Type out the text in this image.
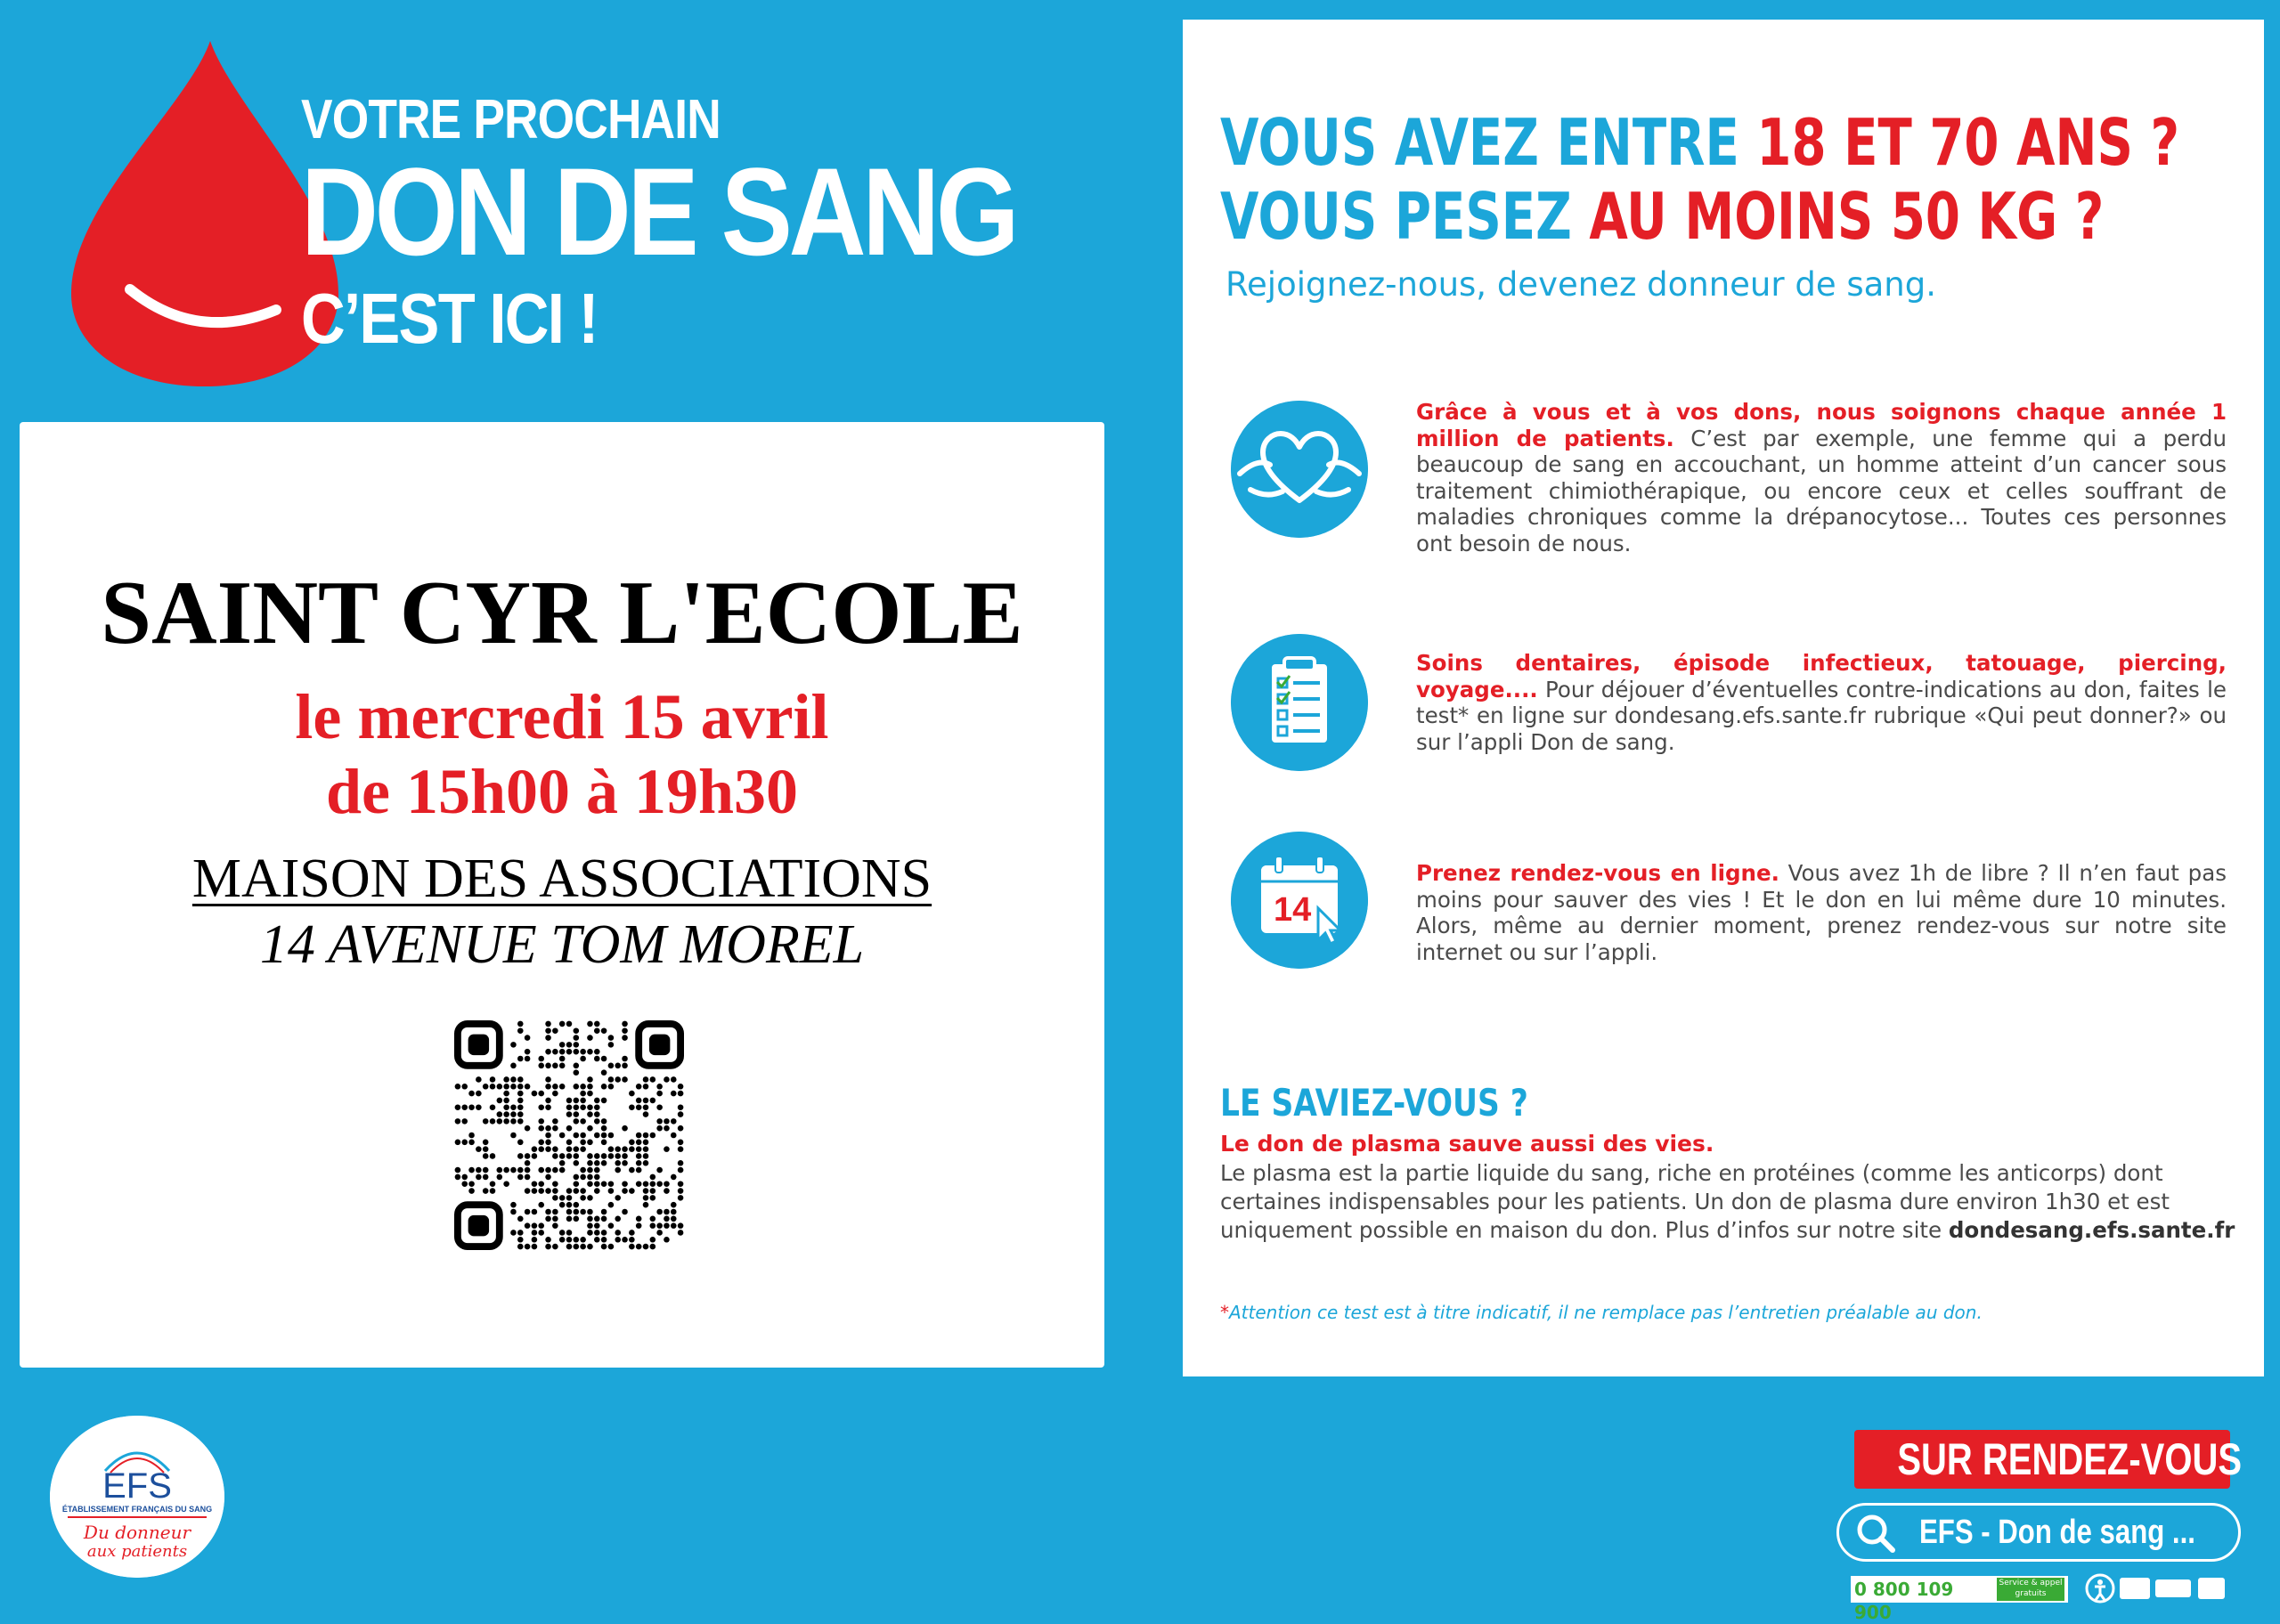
VOTRE PROCHAIN
DON DE SANG
C’EST ICI !
SAINT CYR L'ECOLE
le mercredi 15 avril
de 15h00 à 19h30
MAISON DES ASSOCIATIONS
14 AVENUE TOM MOREL
VOUS AVEZ ENTRE 18 ET 70 ANS ?
VOUS PESEZ AU MOINS 50 KG ?
Rejoignez-nous, devenez donneur de sang.
Grâce à vous et à vos dons, nous soignons chaque année 1 million de patients. C’est par exemple, une femme qui a perdu beaucoup de sang en accouchant, un homme atteint d’un cancer sous traitement chimiothérapique, ou encore ceux et celles souffrant de maladies chroniques comme la drépanocytose... Toutes ces personnes ont besoin de nous.
Soins dentaires, épisode infectieux, tatouage, piercing, voyage.... Pour déjouer d’éventuelles contre-indications au don, faites le test* en ligne sur dondesang.efs.sante.fr rubrique «Qui peut donner?» ou sur l’appli Don de sang.
14
Prenez rendez-vous en ligne. Vous avez 1h de libre ? Il n’en faut pas moins pour sauver des vies ! Et le don en lui même dure 10 minutes. Alors, même au dernier moment, prenez rendez-vous sur notre site internet ou sur l’appli.
LE SAVIEZ-VOUS ?
Le don de plasma sauve aussi des vies.
Le plasma est la partie liquide du sang, riche en protéines (comme les anticorps) dont certaines indispensables pour les patients. Un don de plasma dure environ 1h30 et est uniquement possible en maison du don. Plus d’infos sur notre site dondesang.efs.sante.fr
*Attention ce test est à titre indicatif, il ne remplace pas l’entretien préalable au don.
EFS
ÉTABLISSEMENT FRANÇAIS DU SANG
Du donneur
aux patients
SUR RENDEZ-VOUS
EFS - Don de sang ...
0 800 109 900
Service & appel
gratuits
